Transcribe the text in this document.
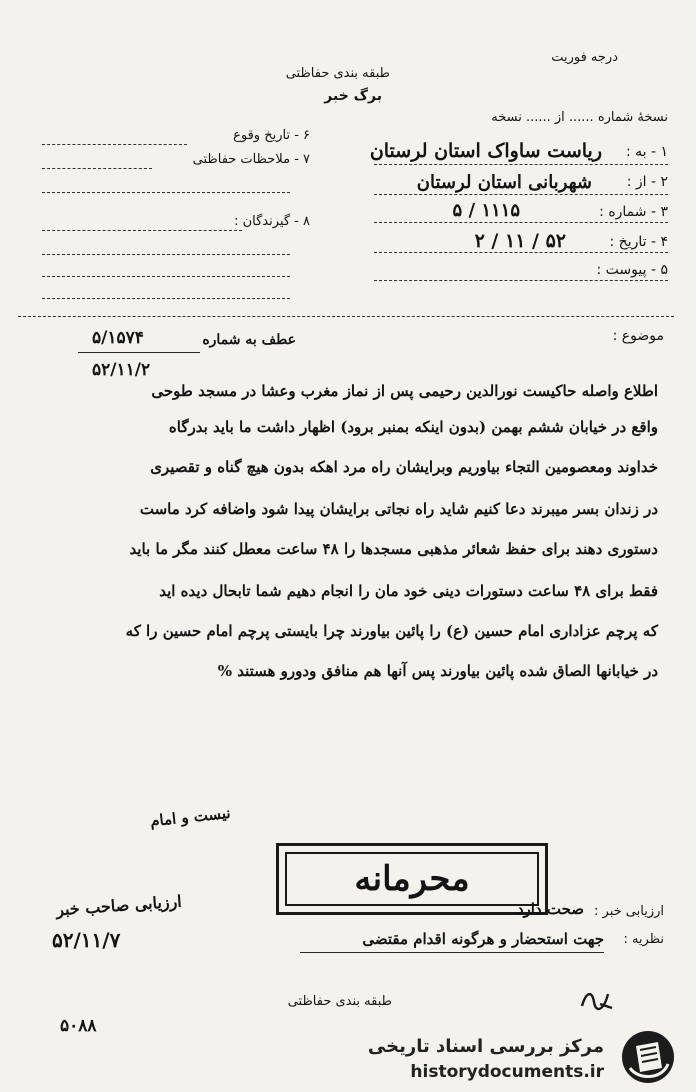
درجه فوریت
طبقه بندی حفاظتی
برگ خبر
نسخهٔ شماره ...... از ...... نسخه
۱ - به :
ریاست ساواک استان لرستان
۲ - از :
شهربانی استان لرستان
۳ - شماره :
۱۱۱۵ / ۵
۴ - تاریخ :
۵۲ / ۱۱ / ۲
۵ - پیوست :
۶ - تاریخ وقوع
۷ - ملاحظات حفاظتی
۸ - گیرندگان :
موضوع :
عطف به شماره
۵/۱۵۷۴
۵۲/۱۱/۲
اطلاع واصله حاکیست نورالدین رحیمی پس از نماز مغرب وعشا در مسجد طوحی
واقع در خیابان ششم بهمن (بدون اینکه بمنبر برود) اظهار داشت ما باید بدرگاه
خداوند ومعصومین التجاء بیاوریم وبرایشان راه مرد اهکه بدون هیچ گناه و تقصیری
در زندان بسر میبرند دعا کنیم شاید راه نجاتی برایشان پیدا شود واضافه کرد ماست
دستوری دهند برای حفظ شعائر مذهبی مسجدها را ۴۸ ساعت معطل کنند مگر ما باید
فقط برای ۴۸ ساعت دستورات دینی خود مان را انجام دهیم شما تابحال دیده اید
که پرچم عزاداری امام حسین (ع) را پائین بیاورند چرا بایستی پرچم امام حسین را که
در خیابانها الصاق شده پائین بیاورند پس آنها هم منافق ودورو هستند %
نیست و امام
ارزیابی صاحب خبر
۵۲/۱۱/۷
محرمانه
ارزیابی خبر :
صحت دارد
نظریه :
جهت استحضار و هرگونه اقدام مقتضی
طبقه بندی حفاظتی
۵۰۸۸
مرکز بررسی اسناد تاریخی
historydocuments.ir
